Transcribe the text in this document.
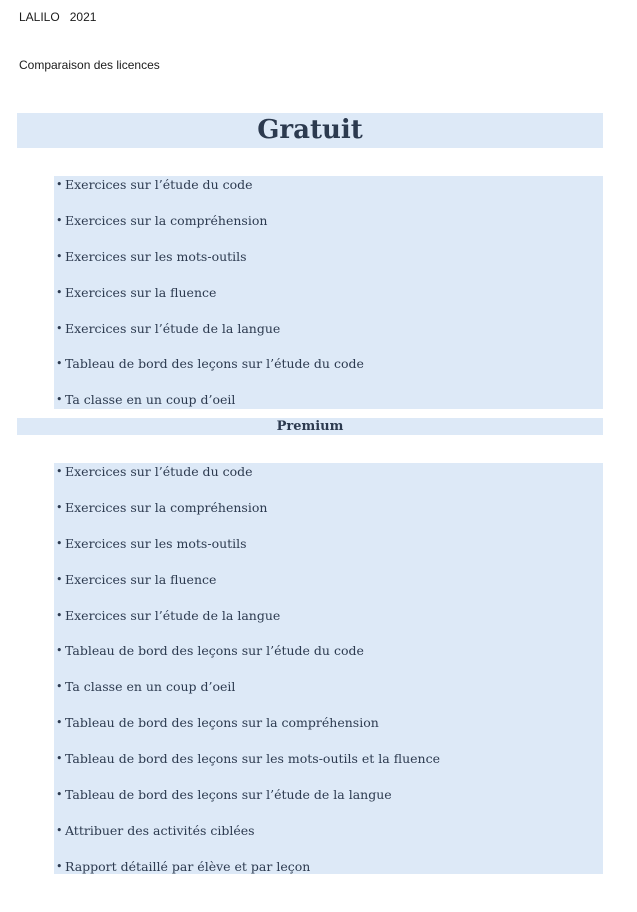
LALILO 2021
Comparaison des licences
Gratuit
• Exercices sur l’étude du code
• Exercices sur la compréhension
• Exercices sur les mots-outils
• Exercices sur la fluence
• Exercices sur l’étude de la langue
• Tableau de bord des leçons sur l’étude du code
• Ta classe en un coup d’oeil
Premium
• Exercices sur l’étude du code
• Exercices sur la compréhension
• Exercices sur les mots-outils
• Exercices sur la fluence
• Exercices sur l’étude de la langue
• Tableau de bord des leçons sur l’étude du code
• Ta classe en un coup d’oeil
• Tableau de bord des leçons sur la compréhension
• Tableau de bord des leçons sur les mots-outils et la fluence
• Tableau de bord des leçons sur l’étude de la langue
• Attribuer des activités ciblées
• Rapport détaillé par élève et par leçon
